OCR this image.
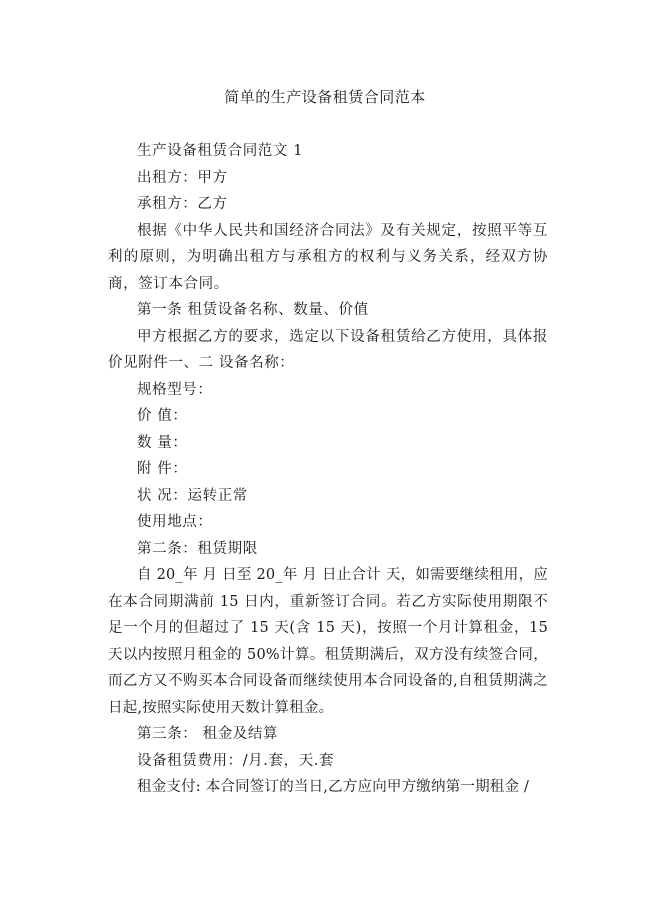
简单的生产设备租赁合同范本

生产设备租赁合同范文 1

出租方：甲方

承租方：乙方

根据《中华人民共和国经济合同法》及有关规定，按照平等互利的原则，为明确出租方与承租方的权利与义务关系，经双方协商，签订本合同。

第一条 租赁设备名称、数量、价值

甲方根据乙方的要求，选定以下设备租赁给乙方使用，具体报价见附件一、二 设备名称：

规格型号：

价 值：

数 量：

附 件：

状 况：运转正常

使用地点：

第二条：租赁期限

自 20_年 月 日至 20_年 月 日止合计 天，如需要继续租用，应在本合同期满前 15 日内，重新签订合同。若乙方实际使用期限不足一个月的但超过了 15 天(含 15 天)，按照一个月计算租金，15 天以内按照月租金的 50%计算。租赁期满后，双方没有续签合同，而乙方又不购买本合同设备而继续使用本合同设备的,自租赁期满之日起,按照实际使用天数计算租金。

第三条： 租金及结算

设备租赁费用：/月.套，天.套

租金支付: 本合同签订的当日,乙方应向甲方缴纳第一期租金 /
